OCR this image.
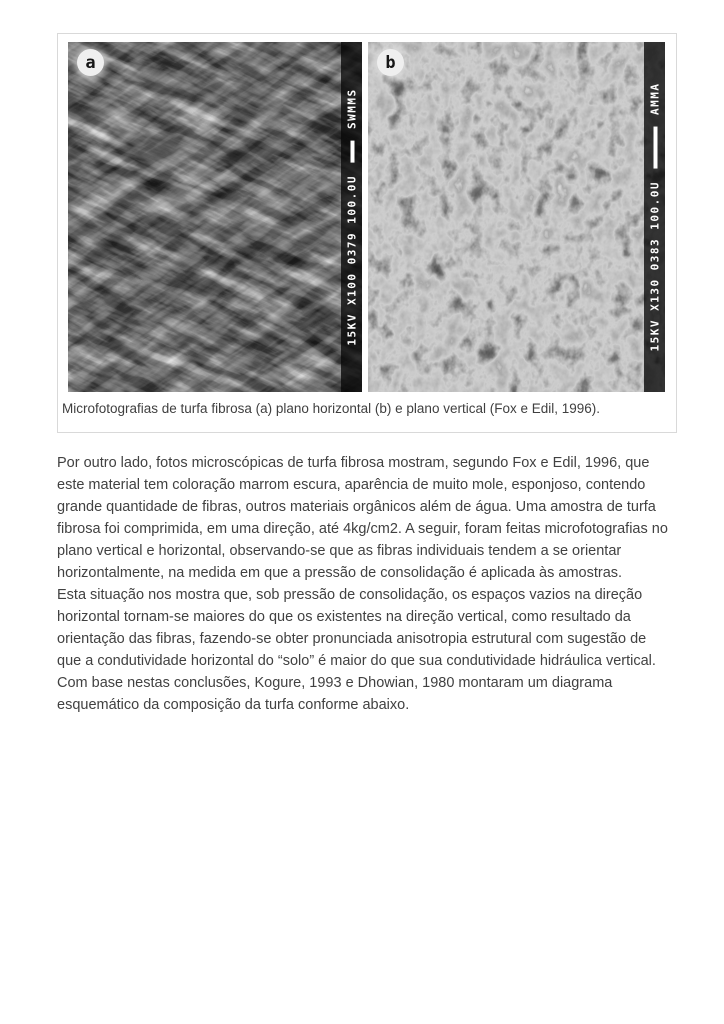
a
15KV X100 0379 100.0U
SWMMS
b
15KV X130 0383 100.0U
AMMA
Microfotografias de turfa fibrosa (a) plano horizontal (b) e plano vertical (Fox e Edil, 1996).

Por outro lado, fotos microscópicas de turfa fibrosa mostram, segundo Fox e Edil, 1996, que este material tem coloração marrom escura, aparência de muito mole, esponjoso, contendo grande quantidade de fibras, outros materiais orgânicos além de água. Uma amostra de turfa fibrosa foi comprimida, em uma direção, até 4kg/cm2. A seguir, foram feitas microfotografias no plano vertical e horizontal, observando-se que as fibras individuais tendem a se orientar horizontalmente, na medida em que a pressão de consolidação é aplicada às amostras.

Esta situação nos mostra que, sob pressão de consolidação, os espaços vazios na direção horizontal tornam-se maiores do que os existentes na direção vertical, como resultado da orientação das fibras, fazendo-se obter pronunciada anisotropia estrutural com sugestão de que a condutividade horizontal do “solo” é maior do que sua condutividade hidráulica vertical. Com base nestas conclusões, Kogure, 1993 e Dhowian, 1980 montaram um diagrama esquemático da composição da turfa conforme abaixo.
